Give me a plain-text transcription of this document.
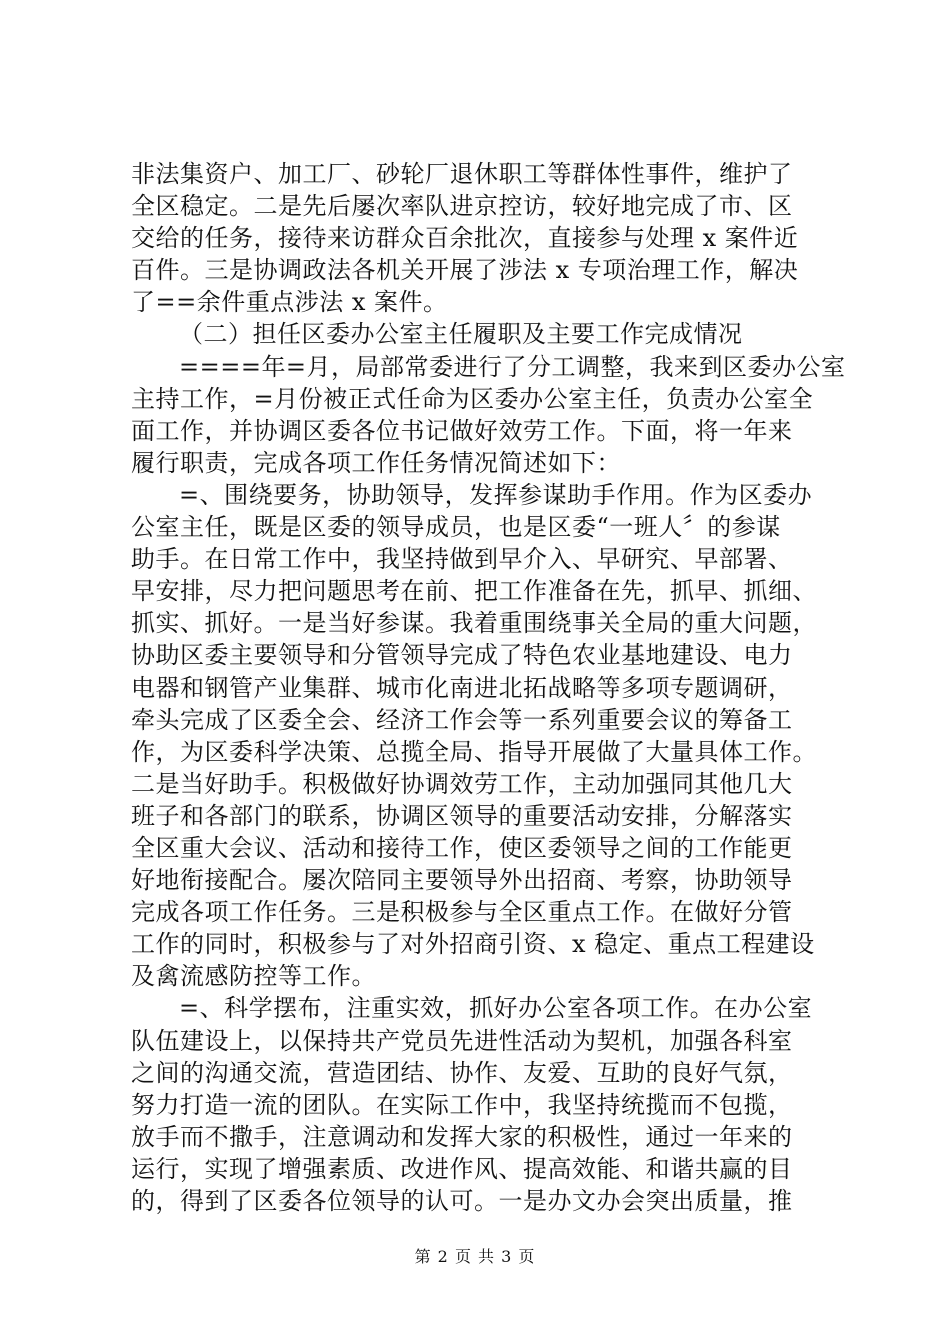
非法集资户、加工厂、砂轮厂退休职工等群体性事件，维护了
全区稳定。二是先后屡次率队进京控访，较好地完成了市、区
交给的任务，接待来访群众百余批次，直接参与处理 x 案件近
百件。三是协调政法各机关开展了涉法 x 专项治理工作，解决
了==余件重点涉法 x 案件。
（二）担任区委办公室主任履职及主要工作完成情况
====年=月，局部常委进行了分工调整，我来到区委办公室
主持工作，=月份被正式任命为区委办公室主任，负责办公室全
面工作，并协调区委各位书记做好效劳工作。下面，将一年来
履行职责，完成各项工作任务情况简述如下：
=、围绕要务，协助领导，发挥参谋助手作用。作为区委办
公室主任，既是区委的领导成员，也是区委“一班人〞的参谋
助手。在日常工作中，我坚持做到早介入、早研究、早部署、
早安排，尽力把问题思考在前、把工作准备在先，抓早、抓细、
抓实、抓好。一是当好参谋。我着重围绕事关全局的重大问题，
协助区委主要领导和分管领导完成了特色农业基地建设、电力
电器和钢管产业集群、城市化南进北拓战略等多项专题调研，
牵头完成了区委全会、经济工作会等一系列重要会议的筹备工
作，为区委科学决策、总揽全局、指导开展做了大量具体工作。
二是当好助手。积极做好协调效劳工作，主动加强同其他几大
班子和各部门的联系，协调区领导的重要活动安排，分解落实
全区重大会议、活动和接待工作，使区委领导之间的工作能更
好地衔接配合。屡次陪同主要领导外出招商、考察，协助领导
完成各项工作任务。三是积极参与全区重点工作。在做好分管
工作的同时，积极参与了对外招商引资、x 稳定、重点工程建设
及禽流感防控等工作。
=、科学摆布，注重实效，抓好办公室各项工作。在办公室
队伍建设上，以保持共产党员先进性活动为契机，加强各科室
之间的沟通交流，营造团结、协作、友爱、互助的良好气氛，
努力打造一流的团队。在实际工作中，我坚持统揽而不包揽，
放手而不撒手，注意调动和发挥大家的积极性，通过一年来的
运行，实现了增强素质、改进作风、提高效能、和谐共赢的目
的，得到了区委各位领导的认可。一是办文办会突出质量，推
第 2 页 共 3 页
